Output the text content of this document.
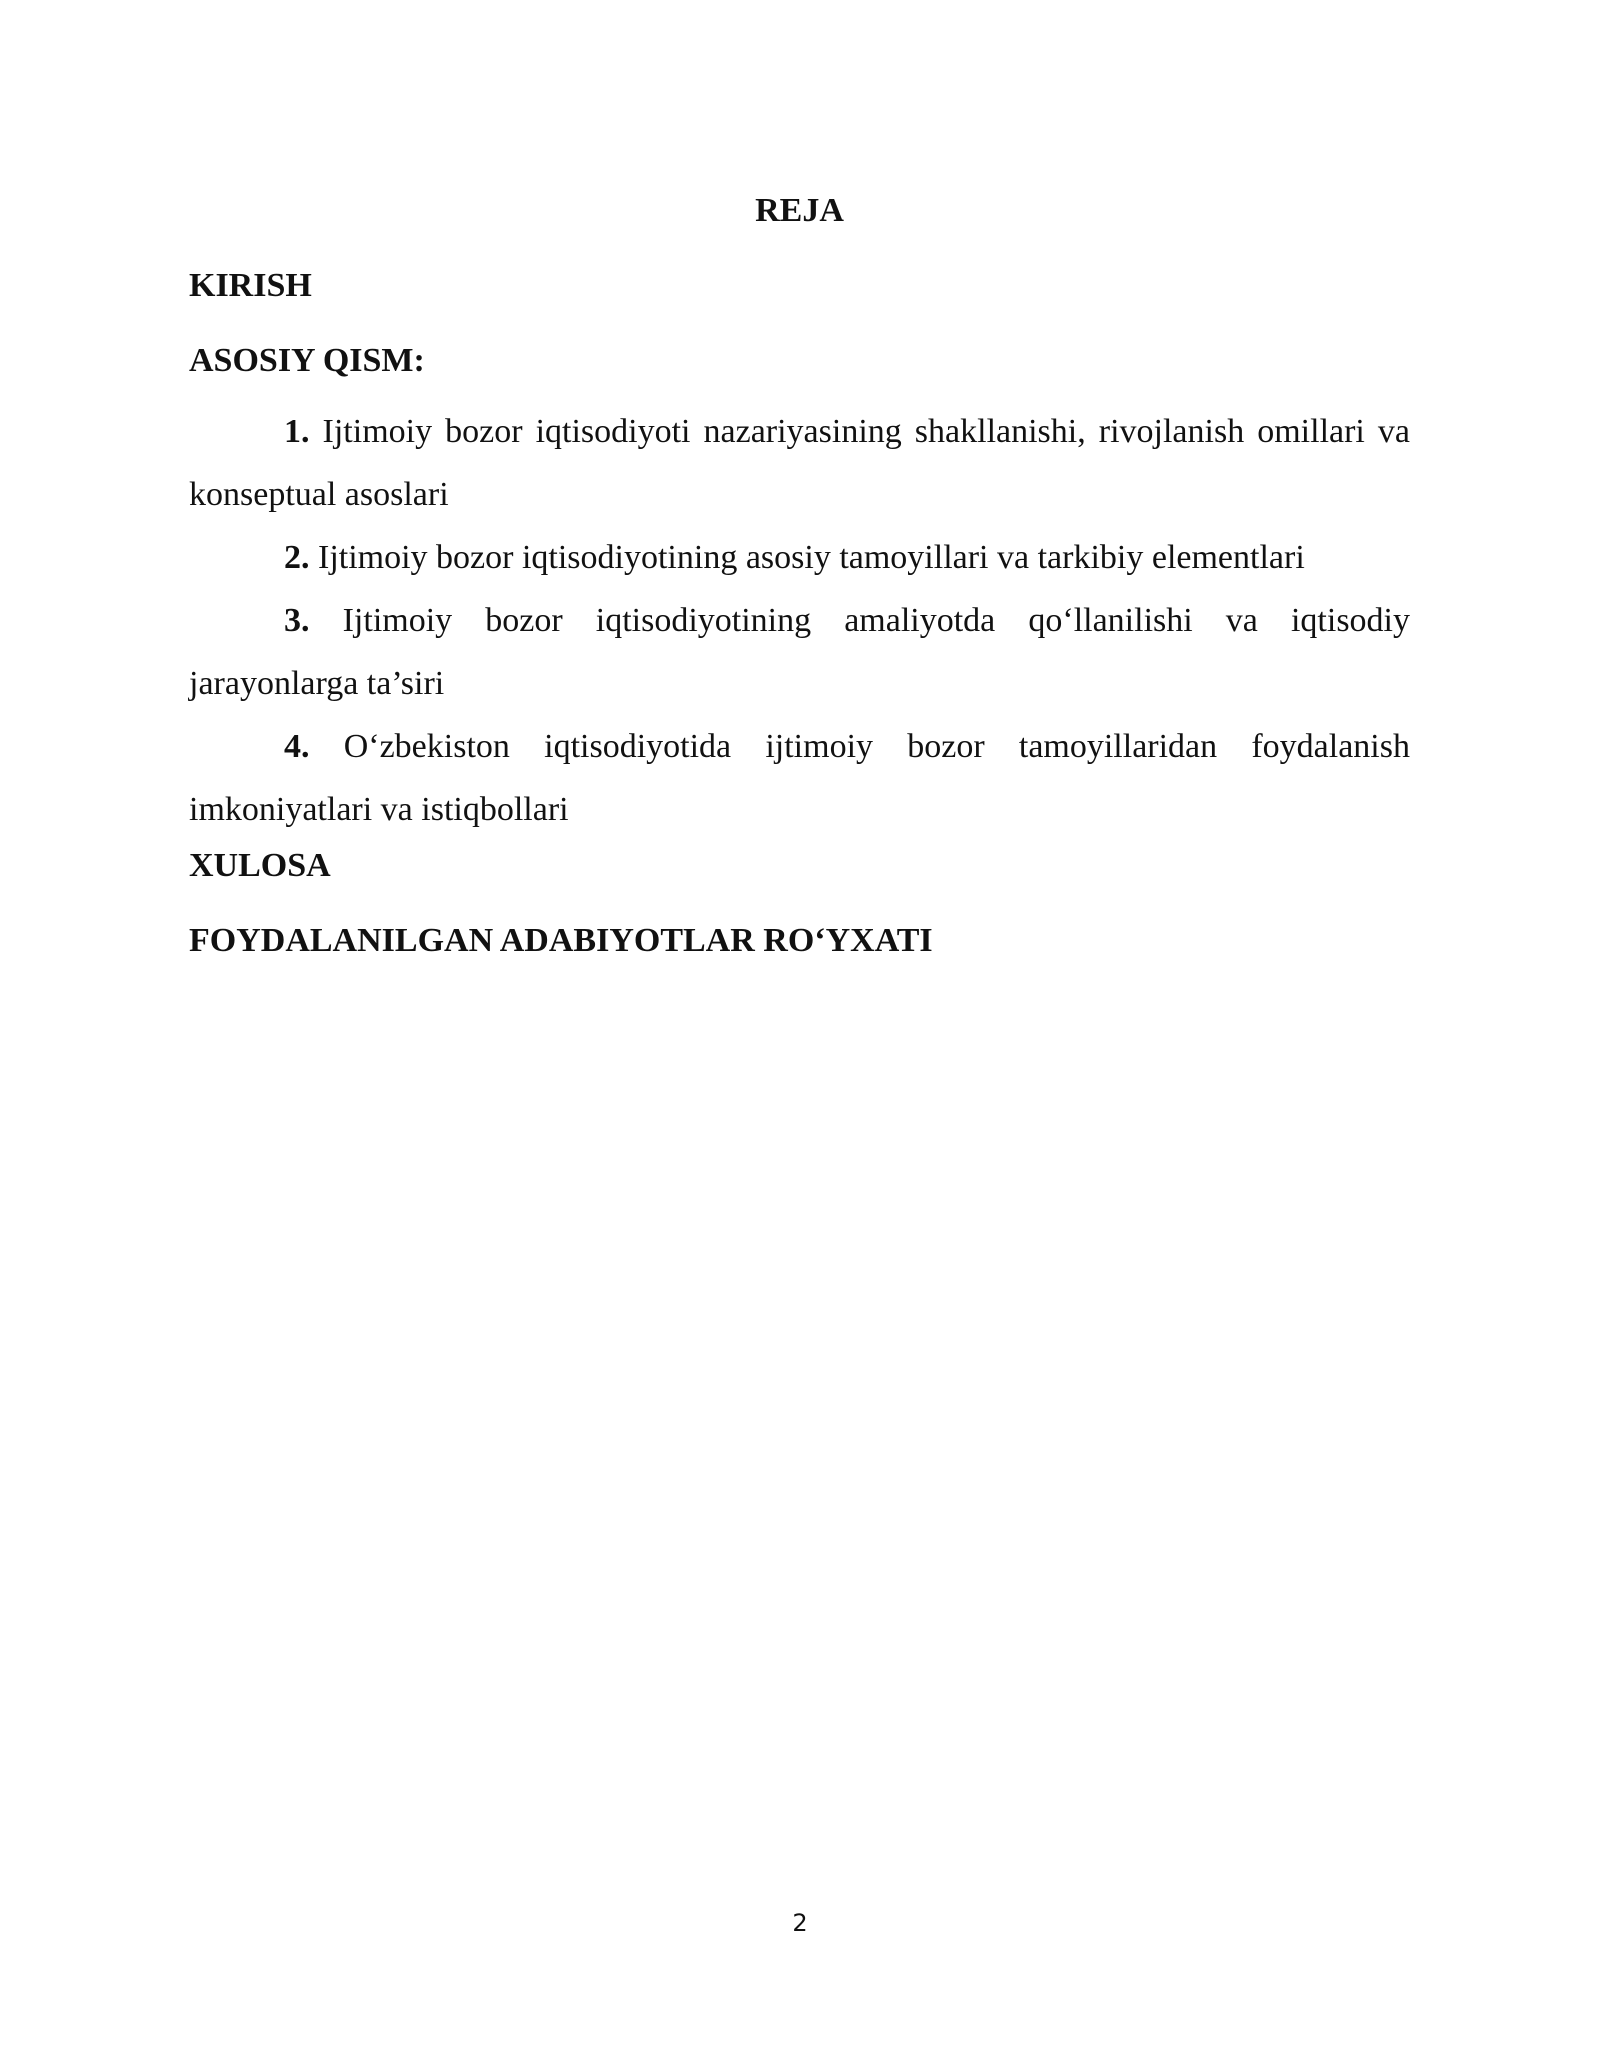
REJA

KIRISH

ASOSIY QISM:

1. Ijtimoiy bozor iqtisodiyoti nazariyasining shakllanishi, rivojlanish omillari va konseptual asoslari

2. Ijtimoiy bozor iqtisodiyotining asosiy tamoyillari va tarkibiy elementlari

3. Ijtimoiy bozor iqtisodiyotining amaliyotda qo‘llanilishi va iqtisodiy jarayonlarga ta’siri

4. O‘zbekiston iqtisodiyotida ijtimoiy bozor tamoyillaridan foydalanish imkoniyatlari va istiqbollari

XULOSA

FOYDALANILGAN ADABIYOTLAR RO‘YXATI

2
